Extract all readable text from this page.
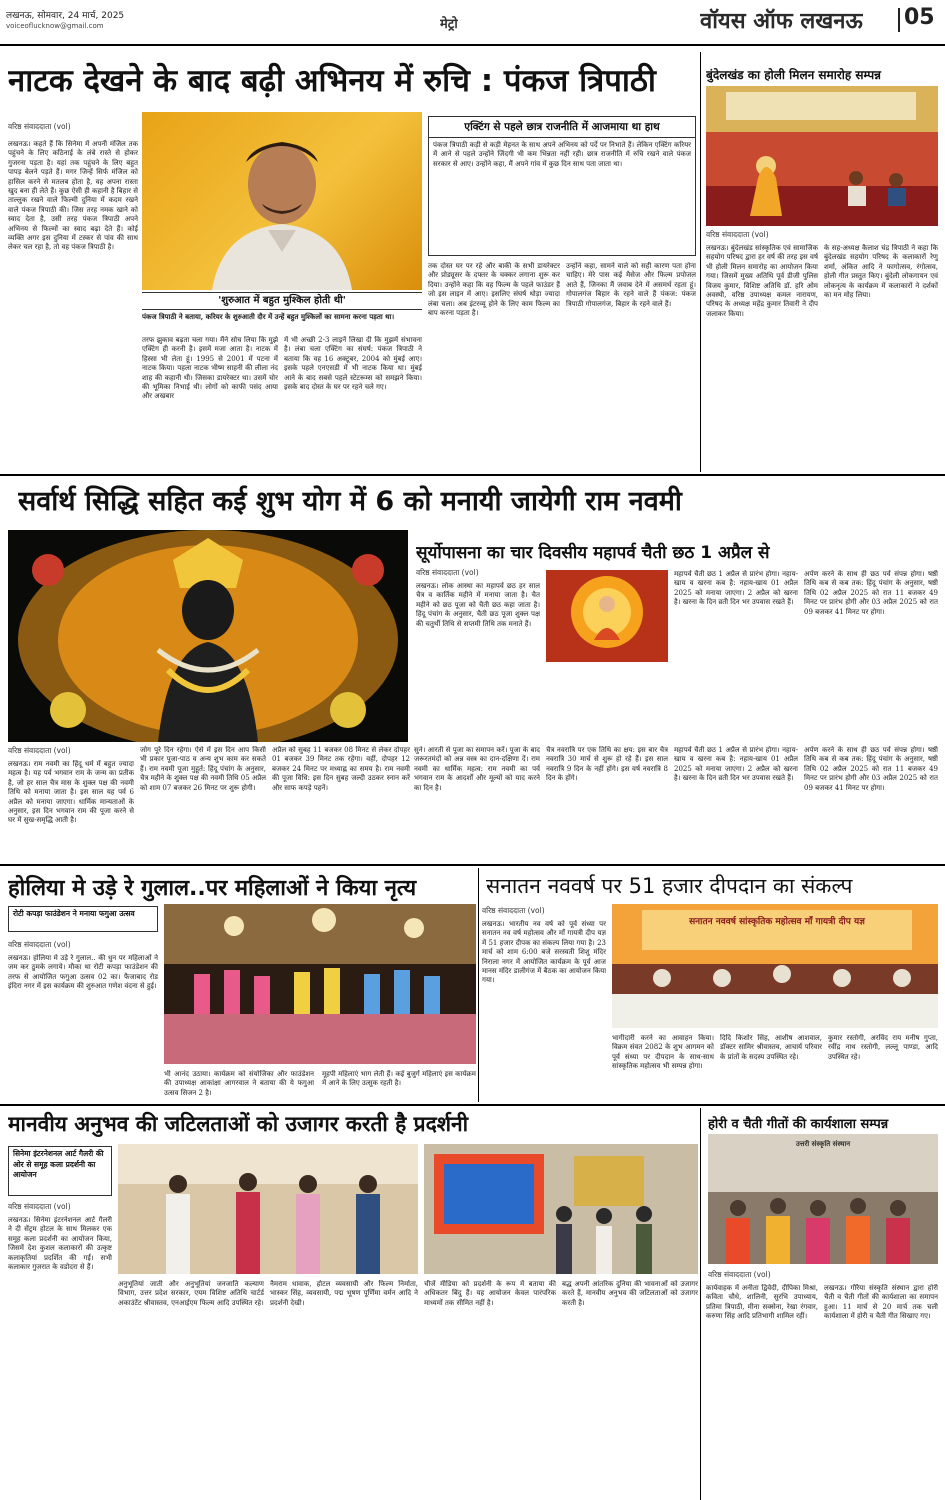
लखनऊ, सोमवार, 24 मार्च, 2025
voiceoflucknow@gmail.com	मेट्रो	वॉयस ऑफ लखनऊ 05
नाटक देखने के बाद बढ़ी अभिनय में रुचि : पंकज त्रिपाठी
वरिष्ठ संवाददाता (vol)
लखनऊ। कहते हैं कि सिनेमा में अपनी मंजिल तक पहुंचने के लिए कठिनाई के लंबे रास्ते से होकर गुजरना पड़ता है। यहां तक पहुंचने के लिए बहुत पापड़ बेलने पड़ते हैं। मगर जिन्हें सिर्फ मंजिल को हासिल करने से मतलब होता है, वह अपना रास्ता खुद बना ही लेते हैं। कुछ ऐसी ही कहानी है बिहार से ताल्लुक रखने वाले फिल्मी दुनिया में कदम रखने वाले पंकज त्रिपाठी की। जिस तरह नमक खाने को स्वाद देता है, उसी तरह पंकज त्रिपाठी अपने अभिनय से फिल्मों का स्वाद बढ़ा देते हैं। कोई व्यक्ति अगर इस दुनिया में टस्कर से पांव की साथ लेकर चल रहा है, तो वह पंकज त्रिपाठी है।
'शुरुआत में बहुत मुश्किल होती थी'
पंकज त्रिपाठी ने बताया, करियर के शुरुआती दौर में उन्हें बहुत मुश्किलों का सामना करना पड़ता था।
एक्टिंग से पहले छात्र राजनीति में आजमाया था हाथ
पंकज त्रिपाठी कड़ी से कड़ी मेहनत के साथ अपने अभिनय को पर्दे पर निभाते हैं। लेकिन एक्टिंग करियर में आने से पहले उन्होंने जिंदगी भी कम भिन्नता नहीं रही। छात्र राजनीति में रुचि रखने वाले पंकज सरकार से आए। उन्होंने कहा, मैं अपने गांव में कुछ दिन साथ पता जाता था।
तरफ झुकाव बढ़ता चला गया। मैंने सोच लिया कि मुझे एक्टिंग ही करनी है। इसमें मजा आता है। नाटक में हिस्सा भी लेता हूं। 1995 से 2001 में पटना में नाटक किया। पहला नाटक भीष्म साहनी की लीला नंद शाह की कहानी थी। जिसका डायरेक्टर था। उसमें चोर की भूमिका निभाई थी। लोगों को काफी पसंद आया और अखबार
में भी अच्छी 2-3 लाइनें लिखा दी कि मुझमें संभावना है। लंबा चला एक्टिंग का संघर्ष: पंकज त्रिपाठी ने बताया कि वह 16 अक्टूबर, 2004 को मुंबई आए। इसके पहले एनएसडी में भी नाटक किया था। मुंबई आने के बाद सबसे पहले स्टेटरूम्स को समझने किया। इसके बाद दोस्त के घर पर रहने चले गए।
तक दोस्त घर पर रहे और बाकी के सभी डायरेक्टर और प्रोड्यूसर के दफ्तर के चक्कर लगाना शुरू कर दिया। उन्होंने कहा कि वह फिल्म के पहले फाउंडर हैं जो इस लाइन में आए। इसलिए संघर्ष थोड़ा ज्यादा लंबा चला। अब इंटरव्यू होने के लिए काम फिल्म का बाप करना पड़ता है।
उन्होंने कहा, सामने वाले को सही कारण पता होना चाहिए। मेरे पास कई मैसेज और फिल्म प्रपोजल आते हैं, जिनका मैं जवाब देने में असमर्थ रहता हूं। गोपालगंज बिहार के रहने वाले हैं पंकज: पंकज त्रिपाठी गोपालगंज, बिहार के रहने वाले हैं।
बुंदेलखंड का होली मिलन समारोह सम्पन्न
वरिष्ठ संवाददाता (vol)
लखनऊ। बुंदेलखंड सांस्कृतिक एवं सामाजिक सहयोग परिषद द्वारा हर वर्ष की तरह इस वर्ष भी होली मिलन समारोह का आयोजन किया गया। जिसमें मुख्य अतिथि पूर्व डीजी पुलिस विजय कुमार, विशिष्ट अतिथि डॉ. हरि ओम अवस्थी, वरिष्ठ उपाध्यक्ष कमल नारायण, परिषद के अध्यक्ष महेंद्र कुमार तिवारी ने दीप जलाकर किया।
के सह-अध्यक्ष कैलाश चंद्र त्रिपाठी ने कहा कि बुंदेलखंड सहयोग परिषद के कलाकारों रेणु शर्मा, अंकित आदि ने फागोत्सव, रंगोत्सव, होली गीत प्रस्तुत किए। बुंदेली लोकगायन एवं लोकनृत्य के कार्यक्रम में कलाकारों ने दर्शकों का मन मोह लिया।
सर्वार्थ सिद्धि सहित कई शुभ योग में 6 को मनायी जायेगी राम नवमी
वरिष्ठ संवाददाता (vol)
लखनऊ। राम नवमी का हिंदू धर्म में बहुत ज्यादा महत्व है। यह पर्व भगवान राम के जन्म का प्रतीक है, जो हर साल चैत्र मास के शुक्ल पक्ष की नवमी तिथि को मनाया जाता है। इस साल यह पर्व 6 अप्रैल को मनाया जाएगा। धार्मिक मान्यताओं के अनुसार, इस दिन भगवान राम की पूजा करने से घर में सुख-समृद्धि आती है।
जोग पूरे दिन रहेगा। ऐसे में इस दिन आप किसी भी प्रकार पूजा-पाठ व अन्य शुभ काम कर सकते हैं। राम नवमी पूजा मुहूर्त: हिंदू पंचांग के अनुसार, चैत्र महीने के शुक्ल पक्ष की नवमी तिथि 05 अप्रैल को शाम 07 बजकर 26 मिनट पर शुरू होगी।
अप्रैल को सुबह 11 बजकर 08 मिनट से लेकर दोपहर 01 बजकर 39 मिनट तक रहेगा। वहीं, दोपहर 12 बजकर 24 मिनट पर मध्याह्न का समय है। राम नवमी की पूजा विधि: इस दिन सुबह जल्दी उठकर स्नान करें और साफ कपड़े पहनें।
सुने। आरती से पूजा का समापन करें। पूजा के बाद जरूरतमंदों को अन्न वस्त्र का दान-दक्षिणा दें। राम नवमी का धार्मिक महत्व: राम नवमी का पर्व भगवान राम के आदर्शों और मूल्यों को याद करने का दिन है।
सूर्योपासना का चार दिवसीय महापर्व चैती छठ 1 अप्रैल से
वरिष्ठ संवाददाता (vol)
लखनऊ। लोक आस्था का महापर्व छठ हर साल चैत्र व कार्तिक महीने में मनाया जाता है। चैत महीने को छठ पूजा को चैती छठ कहा जाता है। हिंदू पंचांग के अनुसार, चैती छठ पूजा शुक्ल पक्ष की चतुर्थी तिथि से सप्तमी तिथि तक मनाते हैं।
महापर्व चैती छठ 1 अप्रैल से प्रारंभ होगा। नहाय-खाय व खरना कब है: नहाय-खाय 01 अप्रैल 2025 को मनाया जाएगा। 2 अप्रैल को खरना है। खरना के दिन व्रती दिन भर उपवास रखते हैं।
अर्पण करने के साथ ही छठ पर्व संपन्न होगा। षष्ठी तिथि कब से कब तक: हिंदू पंचांग के अनुसार, षष्ठी तिथि 02 अप्रैल 2025 को रात 11 बजकर 49 मिनट पर प्रारंभ होगी और 03 अप्रैल 2025 को रात 09 बजकर 41 मिनट पर होगा।
चैत्र नवरात्रि पर एक तिथि का क्षय: इस बार चैत्र नवरात्रि 30 मार्च से शुरू हो रहे हैं। इस साल नवरात्रि 9 दिन के नहीं होंगे। इस वर्ष नवरात्रि 8 दिन के होंगे।
महापर्व चैती छठ 1 अप्रैल से प्रारंभ होगा। नहाय-खाय व खरना कब है: नहाय-खाय 01 अप्रैल 2025 को मनाया जाएगा। 2 अप्रैल को खरना है। खरना के दिन व्रती दिन भर उपवास रखते हैं।
अर्पण करने के साथ ही छठ पर्व संपन्न होगा। षष्ठी तिथि कब से कब तक: हिंदू पंचांग के अनुसार, षष्ठी तिथि 02 अप्रैल 2025 को रात 11 बजकर 49 मिनट पर प्रारंभ होगी और 03 अप्रैल 2025 को रात 09 बजकर 41 मिनट पर होगा।
होलिया मे उड़े रे गुलाल..पर महिलाओं ने किया नृत्य
रोटी कपड़ा फाउंडेशन ने मनाया फगुआ उत्सव
वरिष्ठ संवाददाता (vol)
लखनऊ। होलिया मे उड़े रे गुलाल.. की धुन पर महिलाओं ने जम कर ठुमके लगाये। मौका था रोटी कपड़ा फाउंडेशन की तरफ से आयोजित फगुआ उत्सव 02 का। फैजाबाद रोड इंदिरा नगर में इस कार्यक्रम की शुरुआत गणेश वंदना से हुई।
भी आनंद उठाया। कार्यक्रम को संयोजिका और फाउंडेशन की उपाध्यक्ष आकांक्षा आगरवाल ने बताया की ये फगुआ उत्सव सिजन 2 है।
मूहपी महिलाएं भाग लेती हैं। कई बुजुर्ग महिलाएं इस कार्यक्रम में आने के लिए उत्सुक रहती है।
सनातन नववर्ष पर 51 हजार दीपदान का संकल्प
वरिष्ठ संवाददाता (vol)
लखनऊ। भारतीय नव वर्ष को पूर्व संध्या पर सनातन नव वर्ष महोत्सव और माँ गायत्री दीप यज्ञ में 51 हजार दीपक का संकल्प लिया गया है। 23 मार्च को शाम 6:00 बजे सरस्वती शिशु मंदिर निराला नगर में आयोजित कार्यक्रम के पूर्व आज मानस मंदिर डालीगंज में बैठक का आयोजन किया गया।
सनातन नववर्ष सांस्कृतिक महोत्सव माँ गायत्री दीप यज्ञ
भागीदारी करने का आवाहन किया। विक्रम संवत 2082 के शुभ आगमन को पूर्व संध्या पर दीपदान के साथ-साथ सांस्कृतिक महोत्सव भी सम्पन्न होगा।
दिदि किशोर सिंह, आशीष आशवाल, डॉक्टर सामिर श्रीवास्तव, आचार्य परिवार के प्रांतों के सदस्य उपस्थित रहे।
कुमार रस्तोगी, अरविंद राय मनीष गुप्ता, रवींद्र नाथ रस्तोगी, लल्लू पाण्डा, आदि उपस्थित रहे।
मानवीय अनुभव की जटिलताओं को उजागर करती है प्रदर्शनी
सिनेमा इंटरनेशनल आर्ट गैलरी की ओर से समूह कला प्रदर्शनी का आयोजन
वरिष्ठ संवाददाता (vol)
लखनऊ। सिनेमा इंटरनेशनल आर्ट गैलरी ने दी सेंट्रम होटल के साथ मिलकर एक समूह कला प्रदर्शनी का आयोजन किया, जिसमें देश कुशल कलाकारों की उत्कृष्ट कलाकृतियां प्रदर्शित की गईं। सभी कलाकार गुजरात के वडोदरा से हैं।
अनुभूतियां जाती और अनुभूतियां जनजाति कल्याण विभाग, उत्तर प्रदेश सरकार, एयम विशिष्ट अतिथि चार्टर्ड अकाउंटेंट श्रीवास्तव, एनआईएम फिल्म आदि उपस्थित रहे।
नैमराम धावाक, होटल व्यवसायी और फिल्म निर्माता, भास्कर सिंह, व्यवसायी, पद्म भूषण पूर्णिमा वर्मन आदि ने प्रदर्शनी देखी।
चीजें मीडिया को प्रदर्शनी के रूप में बताया की अधिकतर बिंदु हैं। यह आयोजन केवल पारंपरिक माध्यमों तक सीमित नहीं है।
बद्ध अपनी आंतरिक दुनिया की भावनाओं को उजागर करते हैं, मानवीय अनुभव की जटिलताओं को उजागर करती है।
होरी व चैती गीतों की कार्यशाला सम्पन्न
उत्तरी संस्कृति संस्थान
वरिष्ठ संवाददाता (vol)
कार्यवाहक में अनीता द्विवेदी, दीपिका मिश्रा, कविता चौधे, शालिनी, सुरभि उपाध्याय, प्रतिमा त्रिपाठी, मीना सक्सेना, रेखा रंगवार, करुणा सिंह आदि प्रतिभागी शामिल रहीं।
लखनऊ। गौरैया संस्कृति संस्थान द्वारा होरी चैती व चैती गीतों की कार्यशाला का समापन हुआ। 11 मार्च से 20 मार्च तक चली कार्यशाला में होरी व चैती गीत सिखाए गए।
